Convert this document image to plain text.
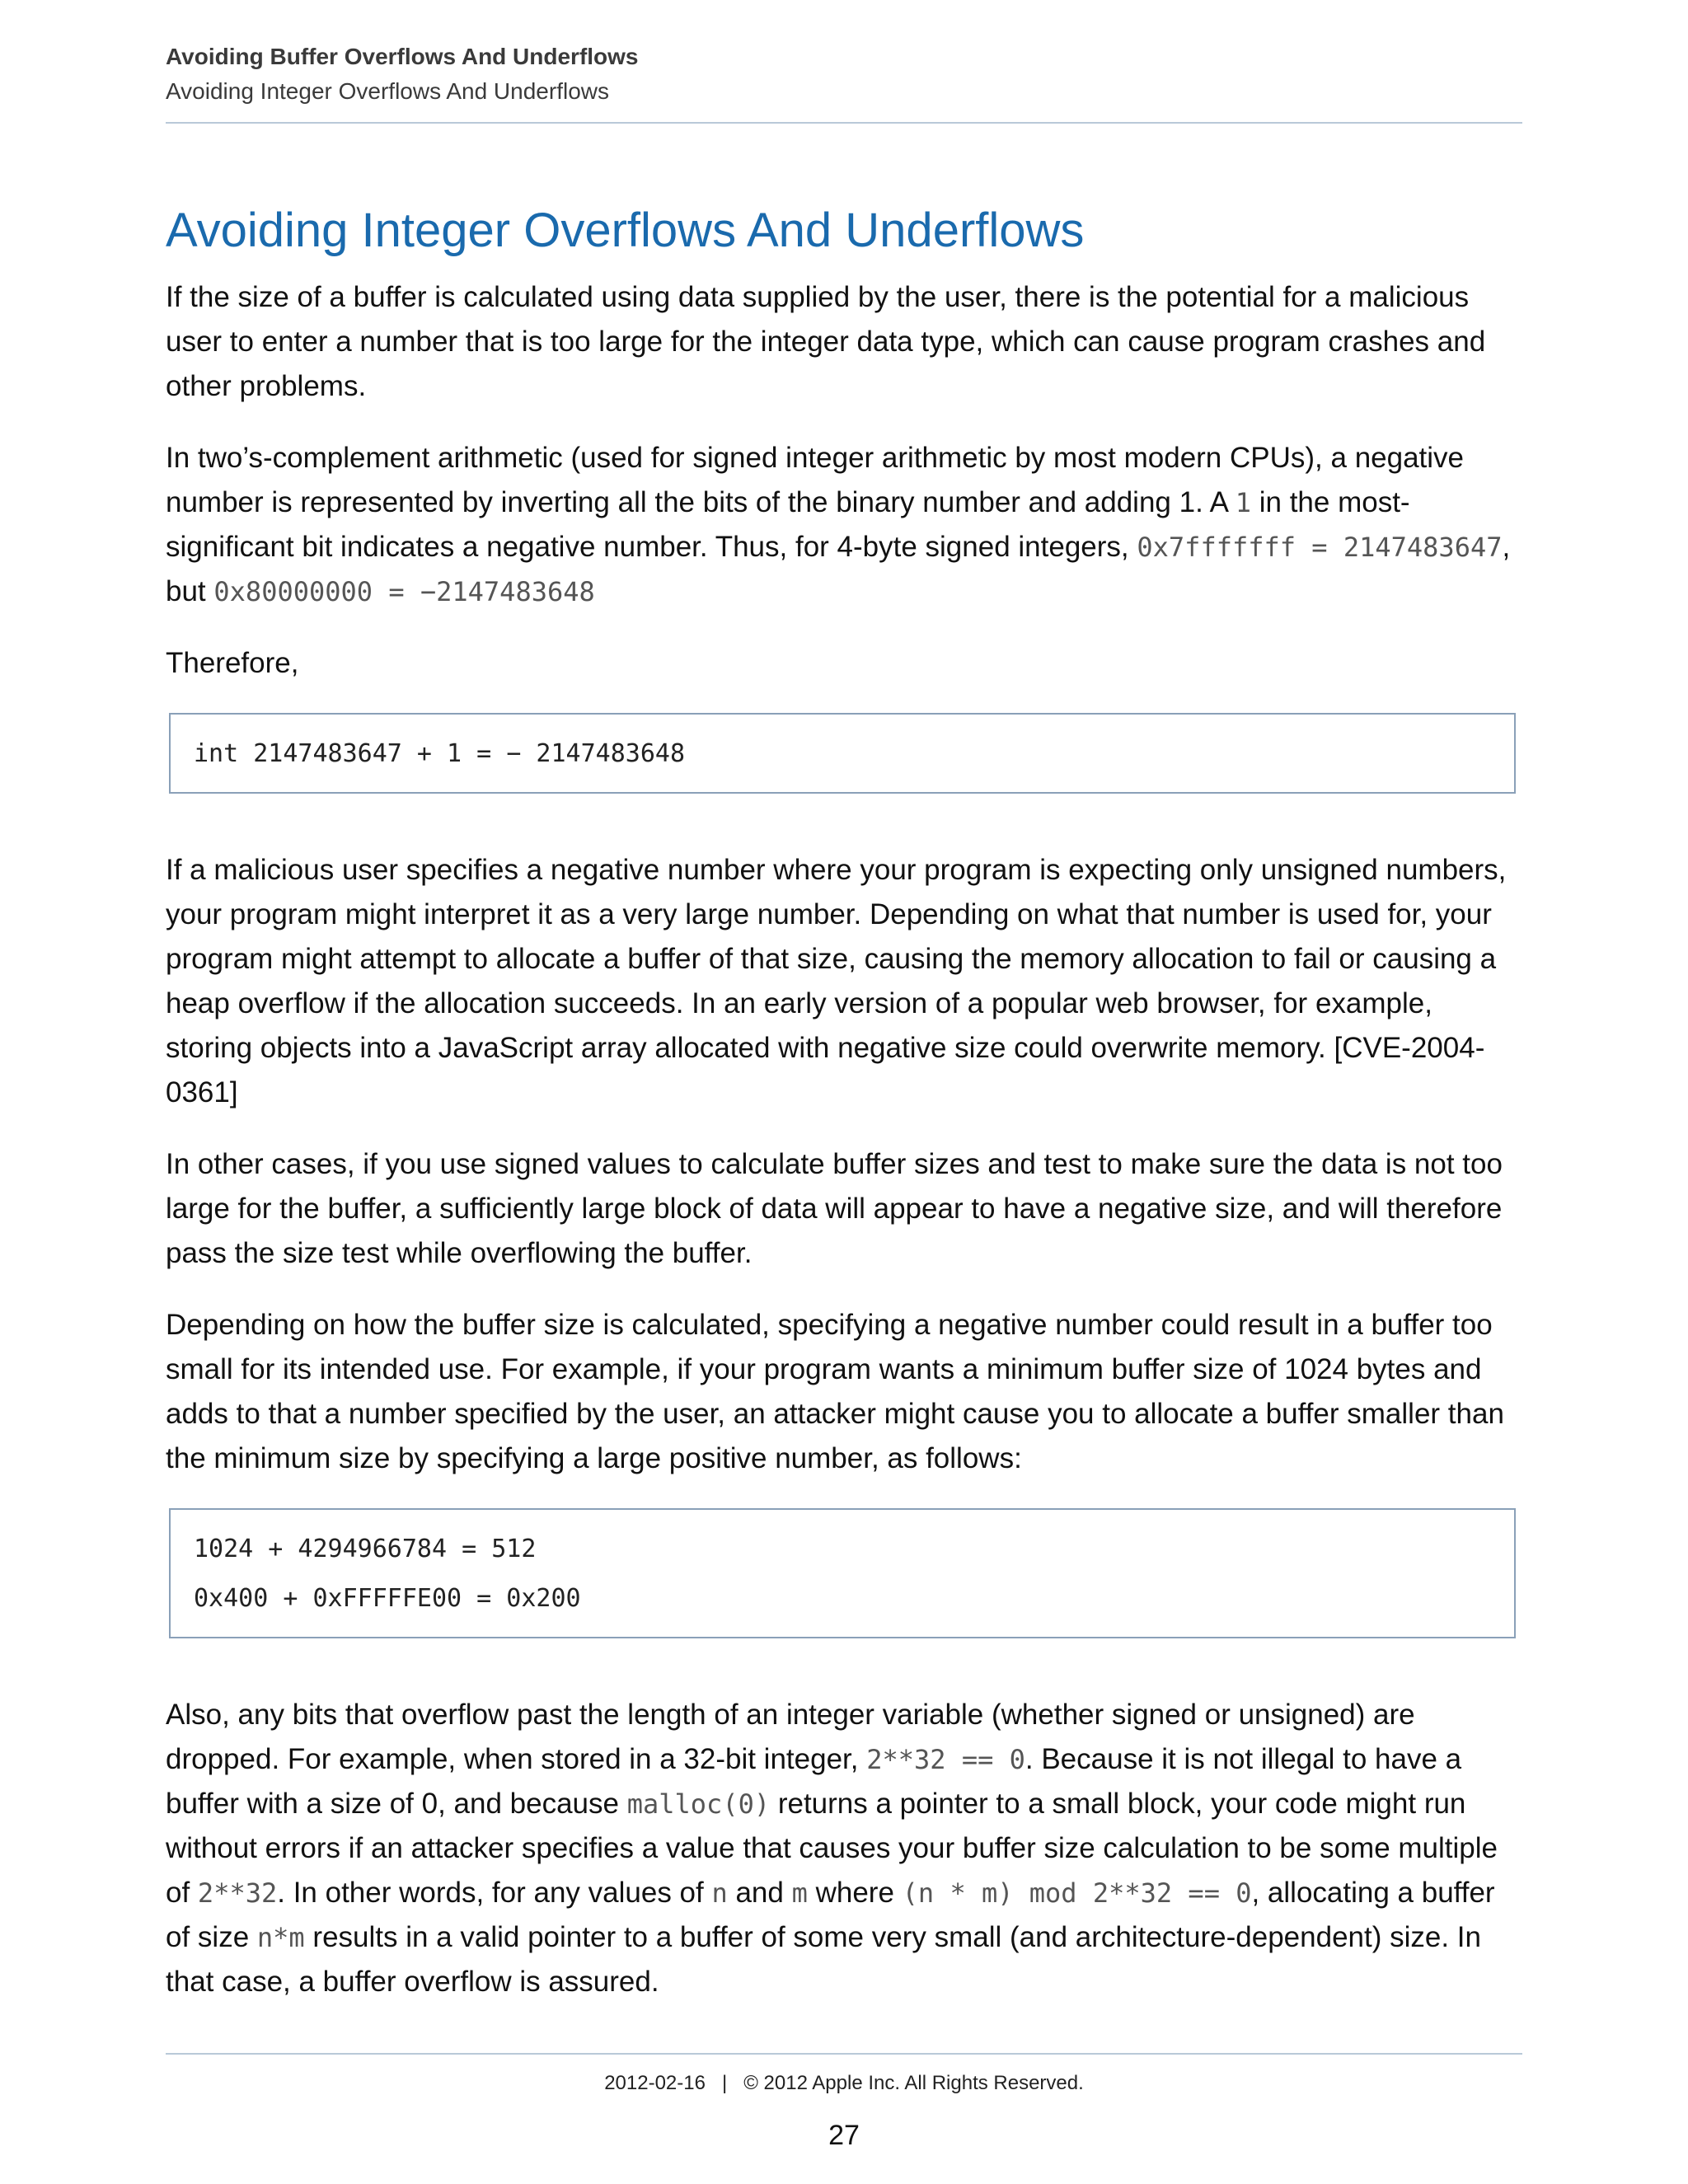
Avoiding Buffer Overflows And Underflows
Avoiding Integer Overflows And Underflows
Avoiding Integer Overflows And Underflows

If the size of a buffer is calculated using data supplied by the user, there is the potential for a malicious user to enter a number that is too large for the integer data type, which can cause program crashes and other problems.

In two’s-complement arithmetic (used for signed integer arithmetic by most modern CPUs), a negative number is represented by inverting all the bits of the binary number and adding 1. A 1 in the most-significant bit indicates a negative number. Thus, for 4-byte signed integers, 0x7fffffff = 2147483647, but 0x80000000 = −2147483648

Therefore,

int 2147483647 + 1 = − 2147483648

If a malicious user specifies a negative number where your program is expecting only unsigned numbers, your program might interpret it as a very large number. Depending on what that number is used for, your program might attempt to allocate a buffer of that size, causing the memory allocation to fail or causing a heap overflow if the allocation succeeds. In an early version of a popular web browser, for example, storing objects into a JavaScript array allocated with negative size could overwrite memory. [CVE-2004-0361]

In other cases, if you use signed values to calculate buffer sizes and test to make sure the data is not too large for the buffer, a sufficiently large block of data will appear to have a negative size, and will therefore pass the size test while overflowing the buffer.

Depending on how the buffer size is calculated, specifying a negative number could result in a buffer too small for its intended use. For example, if your program wants a minimum buffer size of 1024 bytes and adds to that a number specified by the user, an attacker might cause you to allocate a buffer smaller than the minimum size by specifying a large positive number, as follows:

1024 + 4294966784 = 512
0x400 + 0xFFFFFE00 = 0x200

Also, any bits that overflow past the length of an integer variable (whether signed or unsigned) are dropped. For example, when stored in a 32-bit integer, 2**32 == 0. Because it is not illegal to have a buffer with a size of 0, and because malloc(0) returns a pointer to a small block, your code might run without errors if an attacker specifies a value that causes your buffer size calculation to be some multiple of 2**32. In other words, for any values of n and m where (n * m) mod 2**32 == 0, allocating a buffer of size n*m results in a valid pointer to a buffer of some very small (and architecture-dependent) size. In that case, a buffer overflow is assured.

2012-02-16 | © 2012 Apple Inc. All Rights Reserved.
27
